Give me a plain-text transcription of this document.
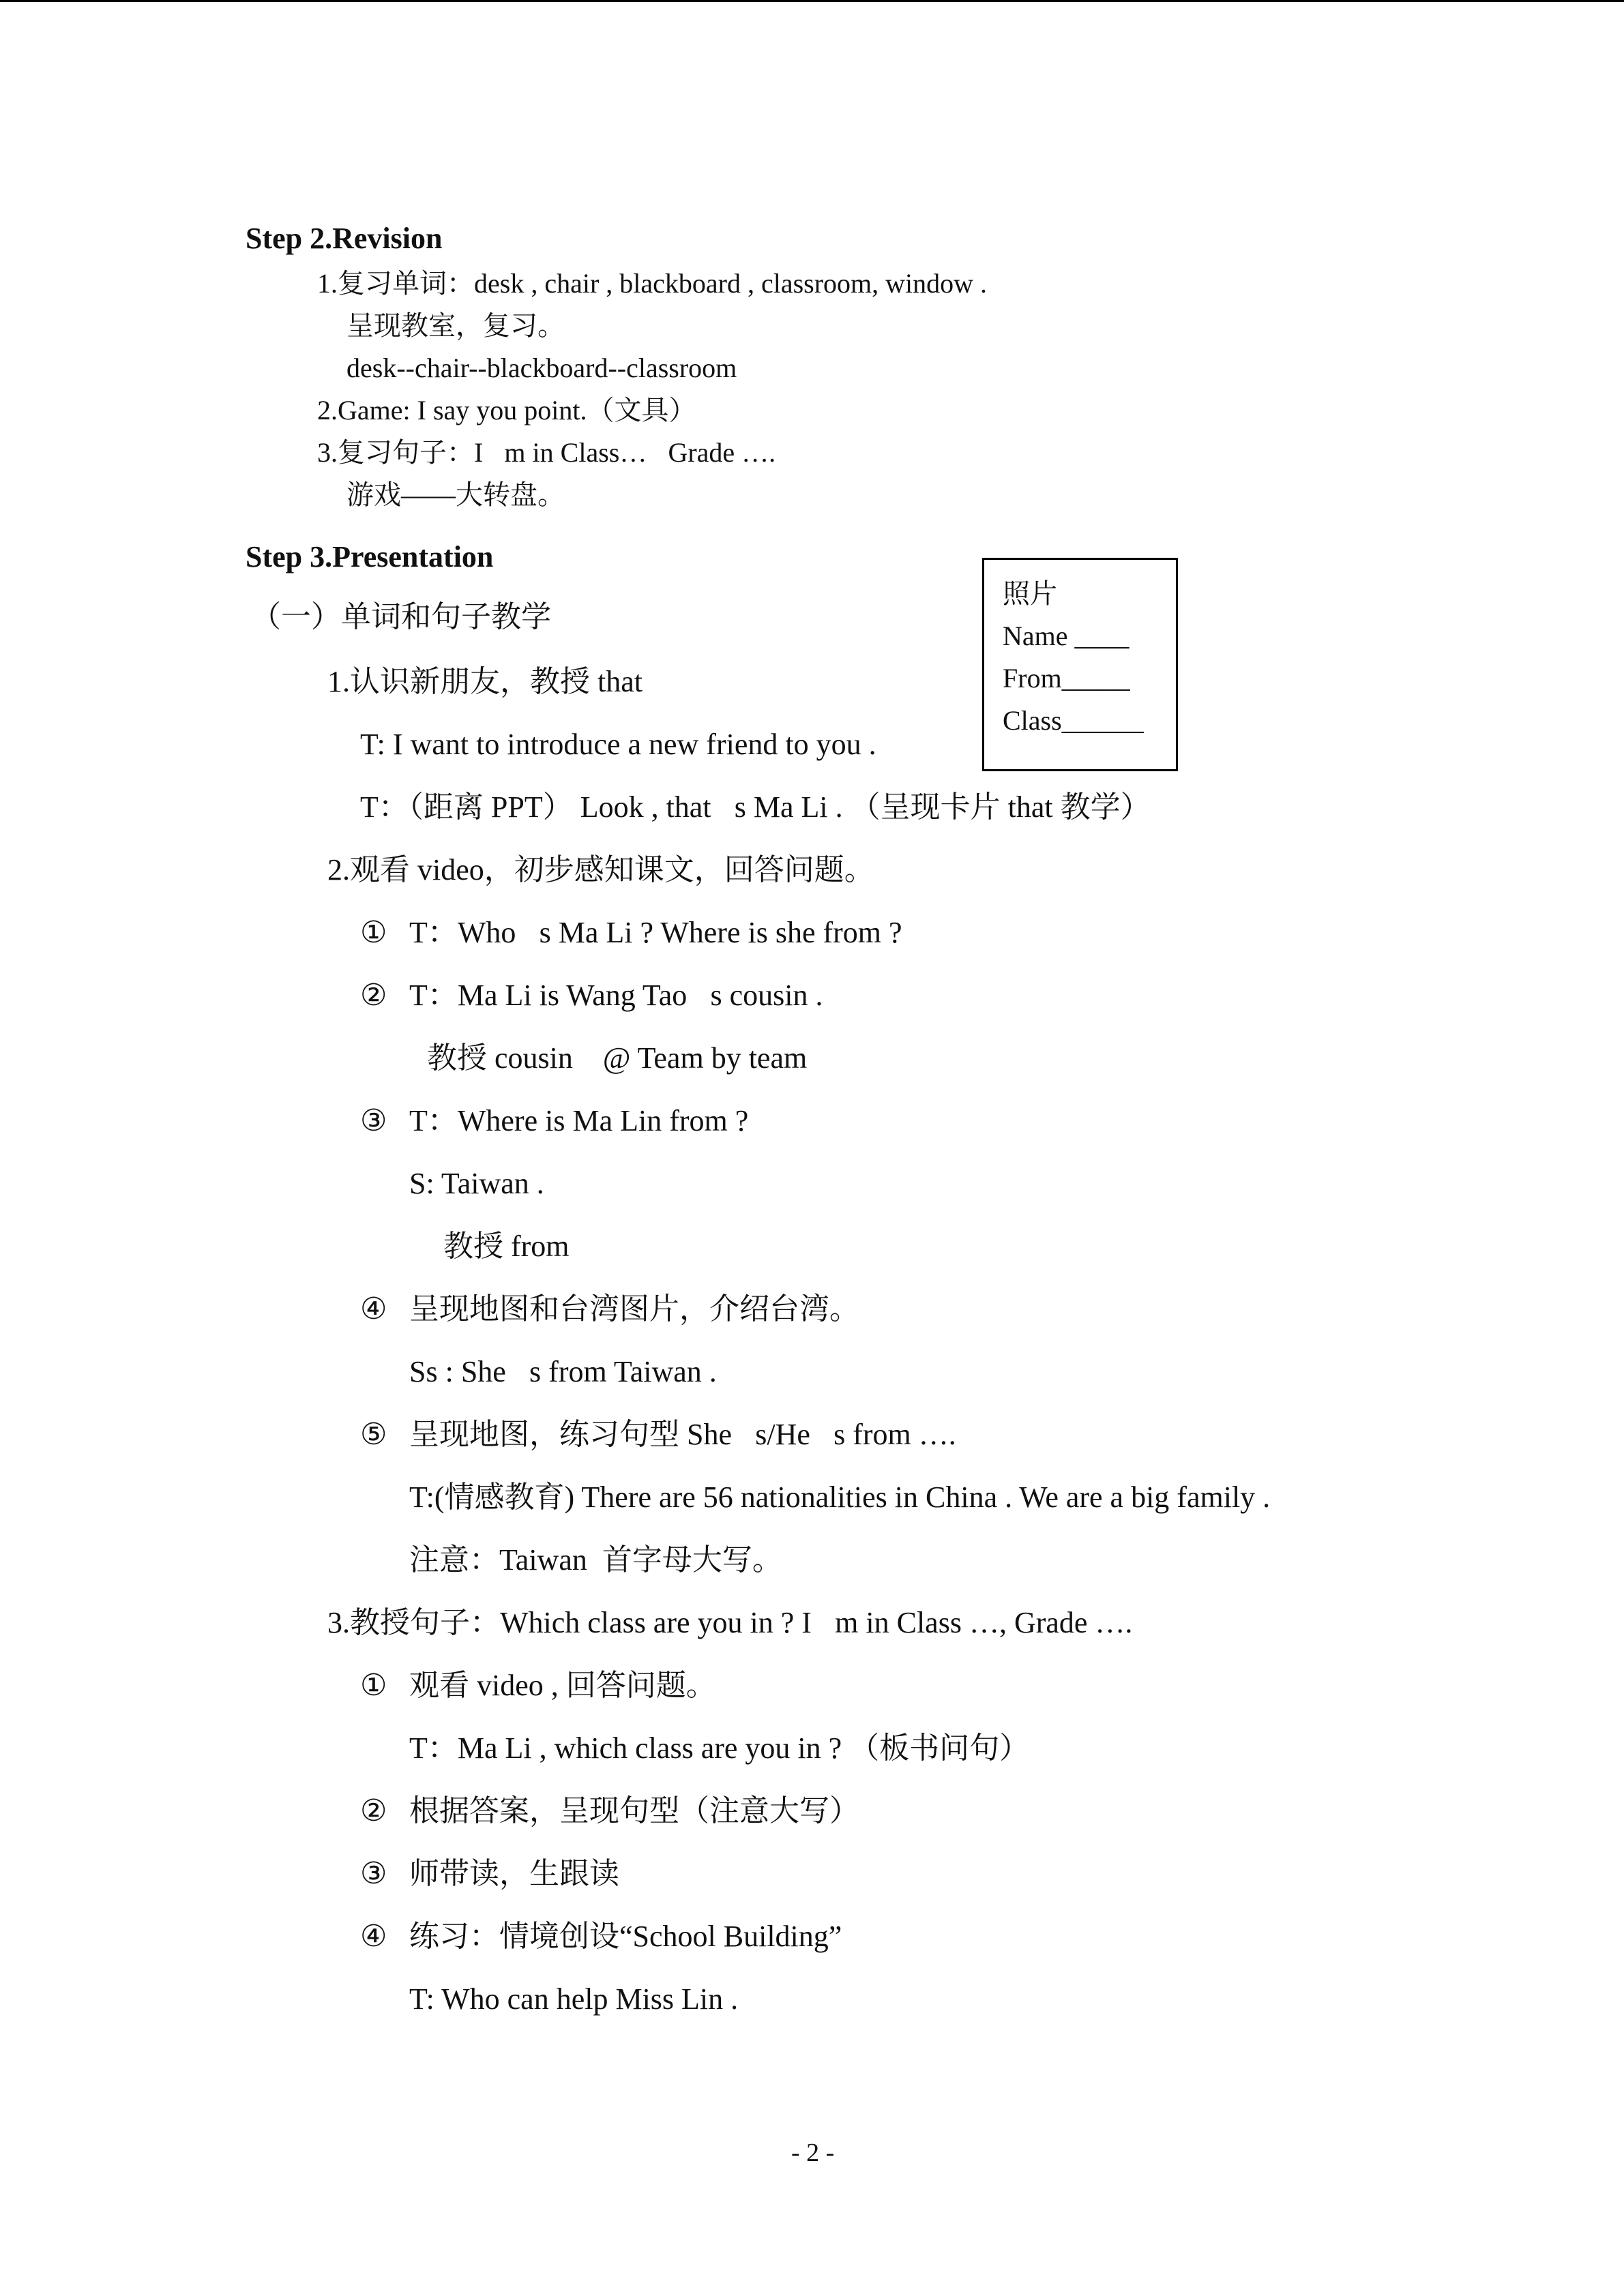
Step 2.Revision
1.复习单词：desk , chair , blackboard , classroom, window .
呈现教室，复习。
desk--chair--blackboard--classroom
2.Game: I say you point.（文具）
3.复习句子：I m in Class…，Grade ….
游戏——大转盘。
Step 3.Presentation
（一）单词和句子教学
照片
Name ____
From_____
Class______
1.认识新朋友，教授 that
T: I want to introduce a new friend to you .
T：（距离 PPT） Look , that s Ma Li . （呈现卡片 that 教学）
2.观看 video，初步感知课文，回答问题。
① T：Who s Ma Li ? Where is she from ?
② T：Ma Li is Wang Tao s cousin .
教授 cousin    @ Team by team
③ T：Where is Ma Lin from ?
S: Taiwan .
教授 from
④ 呈现地图和台湾图片，介绍台湾。
Ss : She s from Taiwan .
⑤ 呈现地图，练习句型 She s/He s from ….
T:(情感教育) There are 56 nationalities in China . We are a big family .
注意：Taiwan  首字母大写。
3.教授句子：Which class are you in ? I m in Class …, Grade ….
① 观看 video , 回答问题。
T：Ma Li , which class are you in ? （板书问句）
② 根据答案，呈现句型（注意大写）
③ 师带读，生跟读
④ 练习：情境创设“School Building”
T: Who can help Miss Lin .
- 2 -
